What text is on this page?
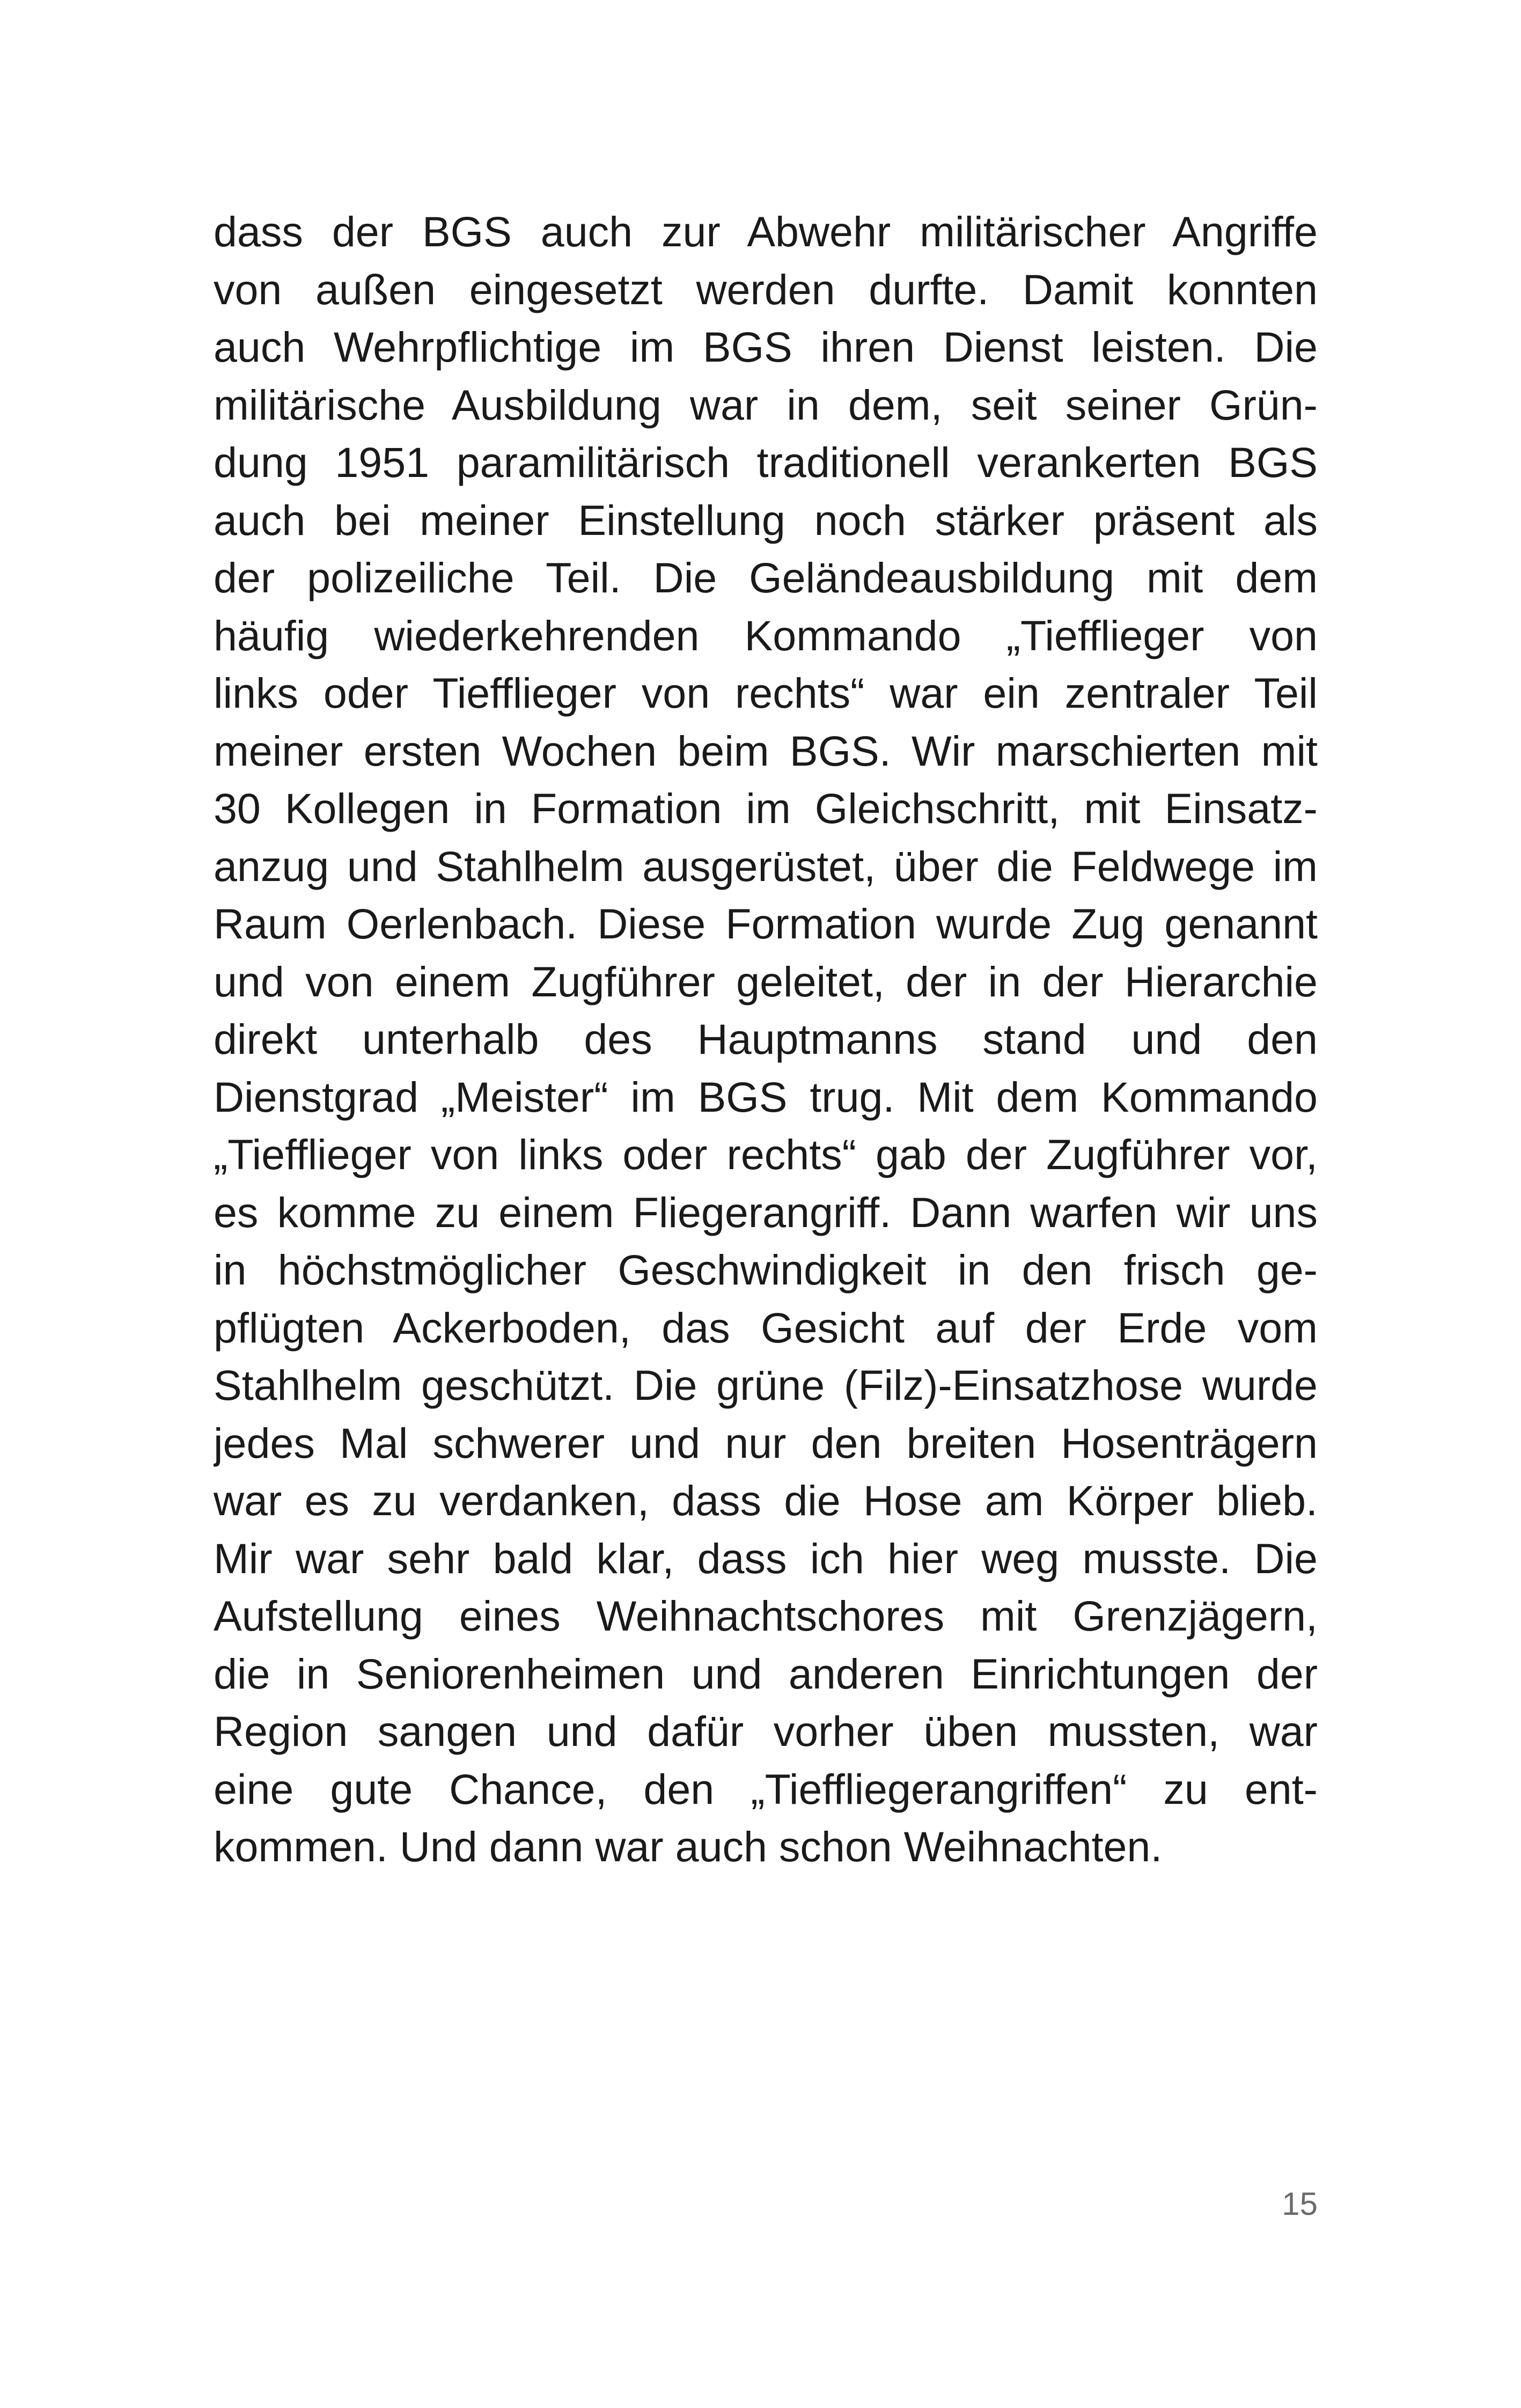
dass der BGS auch zur Abwehr militärischer Angriffe
von außen eingesetzt werden durfte. Damit konnten
auch Wehrpflichtige im BGS ihren Dienst leisten. Die
militärische Ausbildung war in dem, seit seiner Grün-
dung 1951 paramilitärisch traditionell verankerten BGS
auch bei meiner Einstellung noch stärker präsent als
der polizeiliche Teil. Die Geländeausbildung mit dem
häufig wiederkehrenden Kommando „Tiefflieger von
links oder Tiefflieger von rechts“ war ein zentraler Teil
meiner ersten Wochen beim BGS. Wir marschierten mit
30 Kollegen in Formation im Gleichschritt, mit Einsatz-
anzug und Stahlhelm ausgerüstet, über die Feldwege im
Raum Oerlenbach. Diese Formation wurde Zug genannt
und von einem Zugführer geleitet, der in der Hierarchie
direkt unterhalb des Hauptmanns stand und den
Dienstgrad „Meister“ im BGS trug. Mit dem Kommando
„Tiefflieger von links oder rechts“ gab der Zugführer vor,
es komme zu einem Fliegerangriff. Dann warfen wir uns
in höchstmöglicher Geschwindigkeit in den frisch ge-
pflügten Ackerboden, das Gesicht auf der Erde vom
Stahlhelm geschützt. Die grüne (Filz)-Einsatzhose wurde
jedes Mal schwerer und nur den breiten Hosenträgern
war es zu verdanken, dass die Hose am Körper blieb.
Mir war sehr bald klar, dass ich hier weg musste. Die
Aufstellung eines Weihnachtschores mit Grenzjägern,
die in Seniorenheimen und anderen Einrichtungen der
Region sangen und dafür vorher üben mussten, war
eine gute Chance, den „Tieffliegerangriffen“ zu ent-
kommen. Und dann war auch schon Weihnachten.
15
